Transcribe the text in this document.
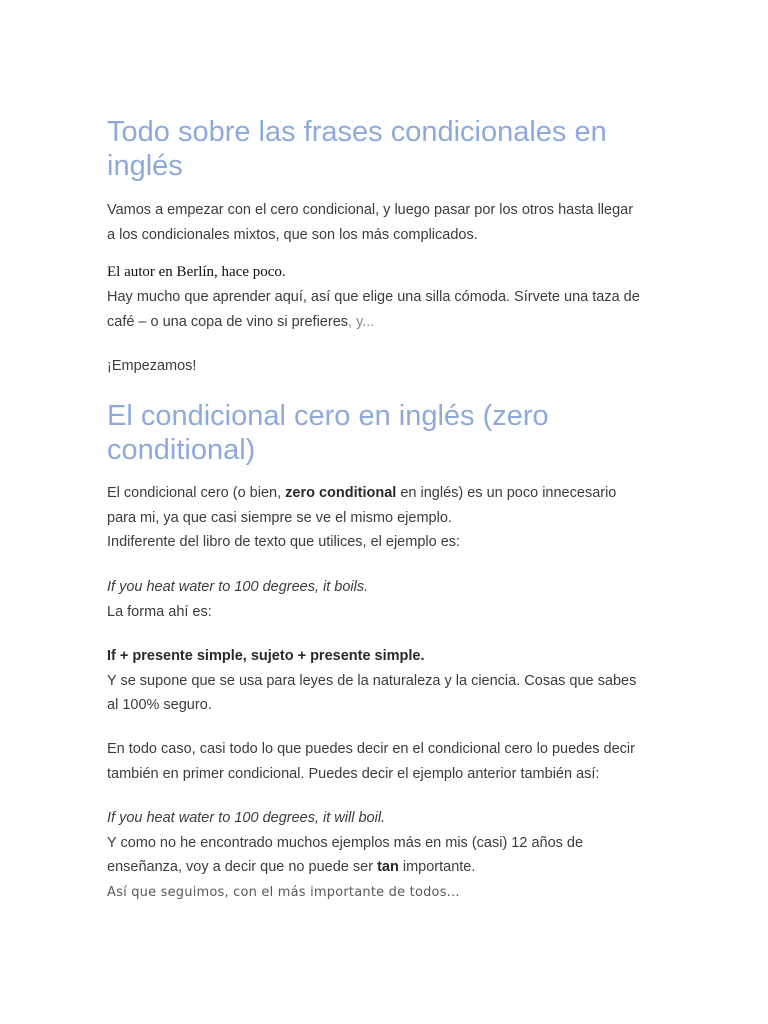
Todo sobre las frases condicionales en
inglés
Vamos a empezar con el cero condicional, y luego pasar por los otros hasta llegar
a los condicionales mixtos, que son los más complicados.
El autor en Berlín, hace poco.
Hay mucho que aprender aquí, así que elige una silla cómoda. Sírvete una taza de
café – o una copa de vino si prefieres, y...
¡Empezamos!
El condicional cero en inglés (zero
conditional)
El condicional cero (o bien, zero conditional en inglés) es un poco innecesario
para mi, ya que casi siempre se ve el mismo ejemplo.
Indiferente del libro de texto que utilices, el ejemplo es:
If you heat water to 100 degrees, it boils.
La forma ahí es:
If + presente simple, sujeto + presente simple.
Y se supone que se usa para leyes de la naturaleza y la ciencia. Cosas que sabes
al 100% seguro.
En todo caso, casi todo lo que puedes decir en el condicional cero lo puedes decir
también en primer condicional. Puedes decir el ejemplo anterior también así:
If you heat water to 100 degrees, it will boil.
Y como no he encontrado muchos ejemplos más en mis (casi) 12 años de
enseñanza, voy a decir que no puede ser tan importante.
Así que seguimos, con el más importante de todos...
